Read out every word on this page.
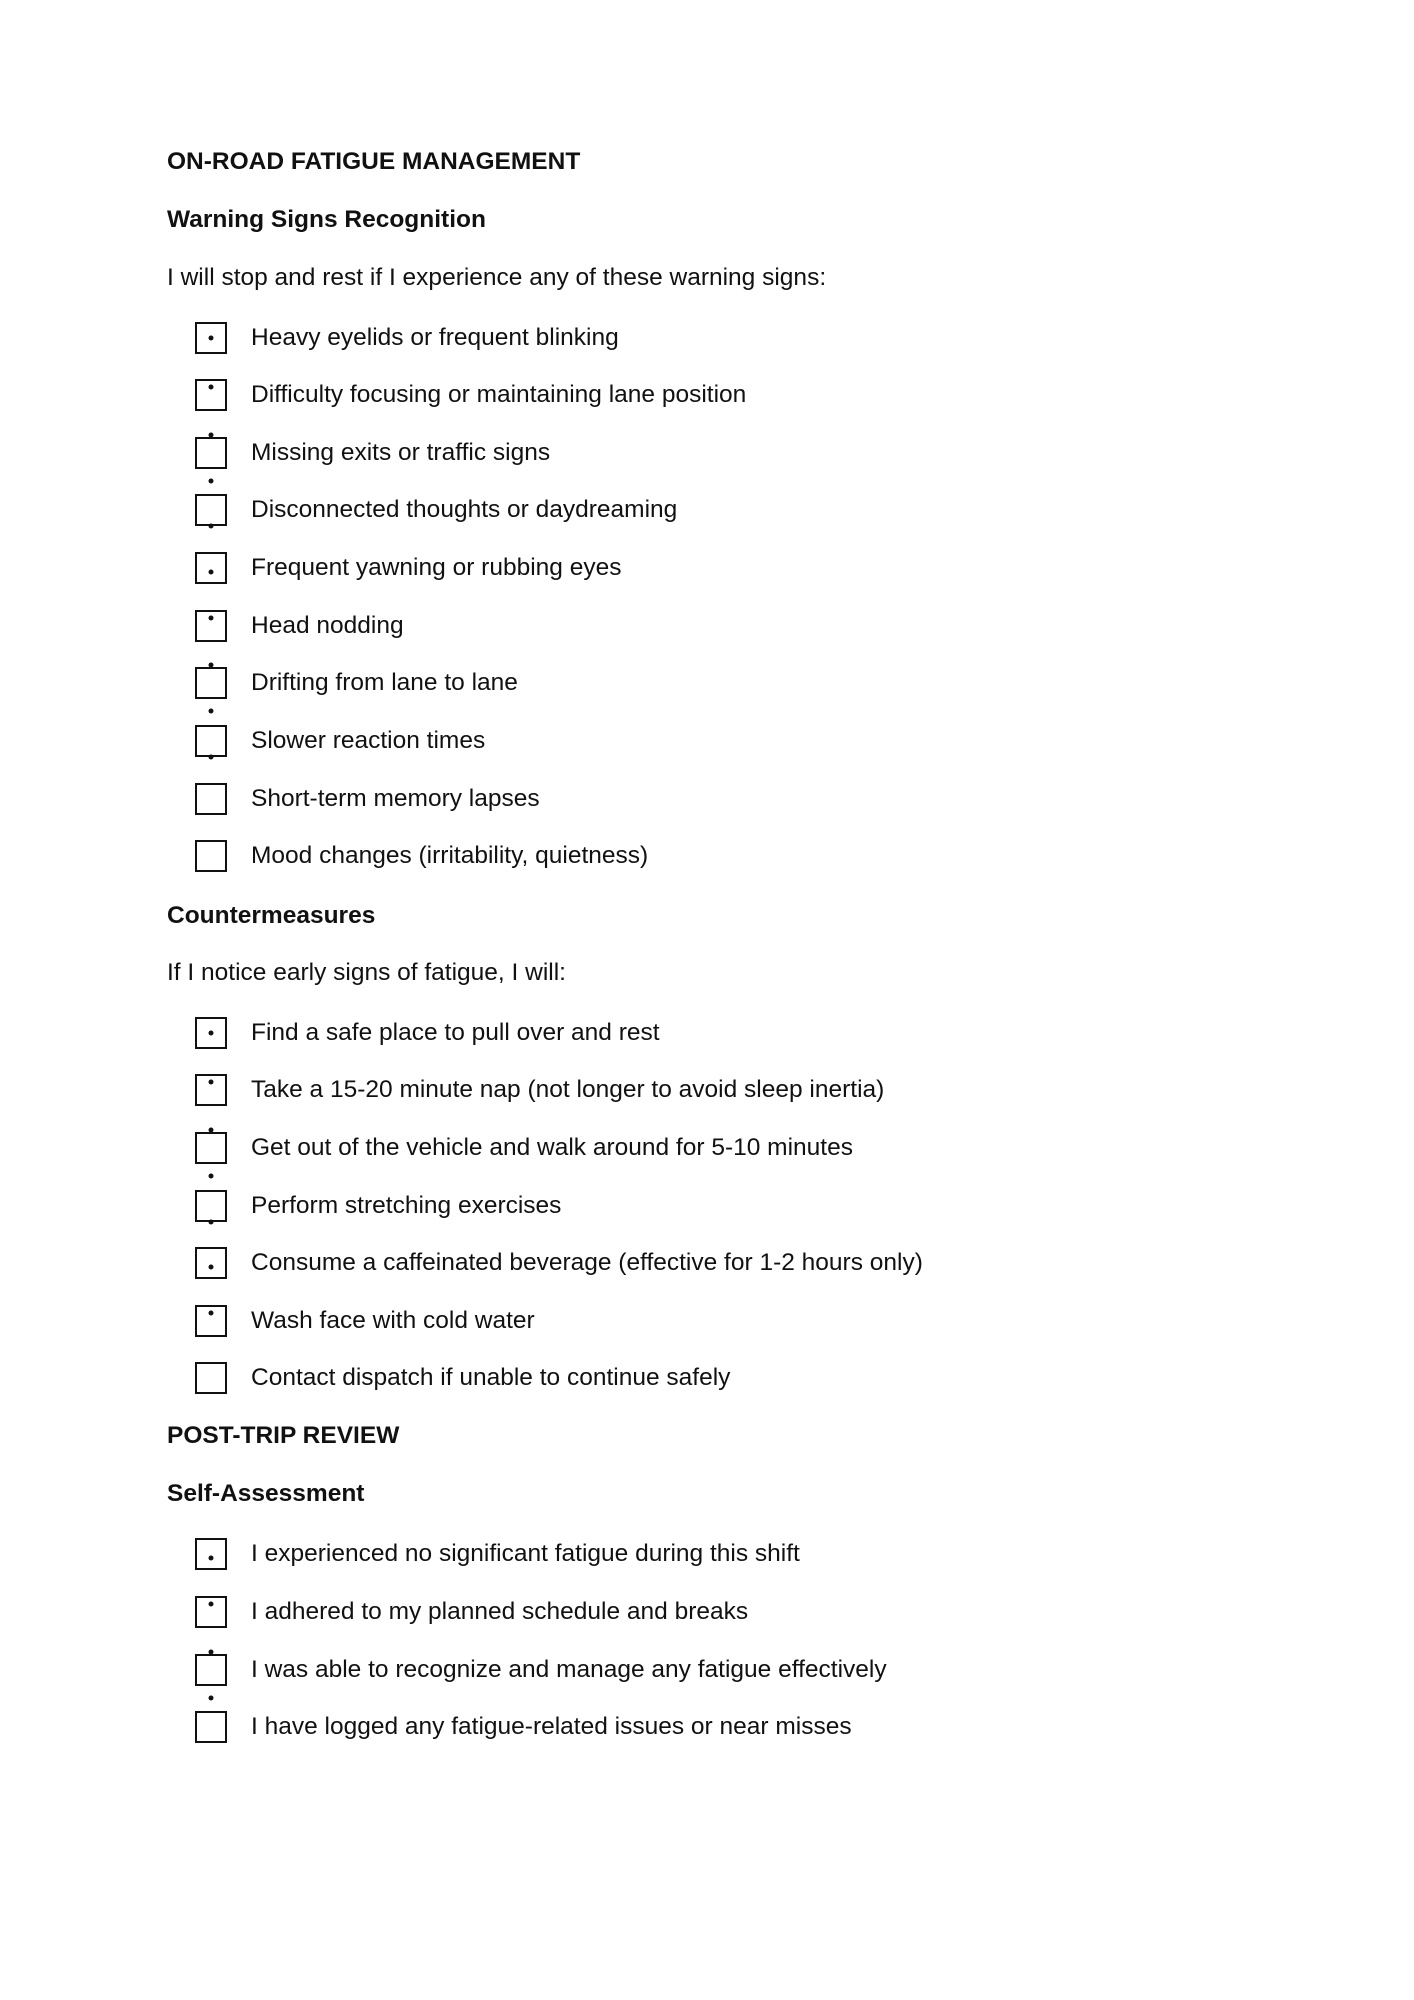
ON-ROAD FATIGUE MANAGEMENT
Warning Signs Recognition
I will stop and rest if I experience any of these warning signs:
Heavy eyelids or frequent blinking
Difficulty focusing or maintaining lane position
Missing exits or traffic signs
Disconnected thoughts or daydreaming
Frequent yawning or rubbing eyes
Head nodding
Drifting from lane to lane
Slower reaction times
Short-term memory lapses
Mood changes (irritability, quietness)
Countermeasures
If I notice early signs of fatigue, I will:
Find a safe place to pull over and rest
Take a 15-20 minute nap (not longer to avoid sleep inertia)
Get out of the vehicle and walk around for 5-10 minutes
Perform stretching exercises
Consume a caffeinated beverage (effective for 1-2 hours only)
Wash face with cold water
Contact dispatch if unable to continue safely
POST-TRIP REVIEW
Self-Assessment
I experienced no significant fatigue during this shift
I adhered to my planned schedule and breaks
I was able to recognize and manage any fatigue effectively
I have logged any fatigue-related issues or near misses
